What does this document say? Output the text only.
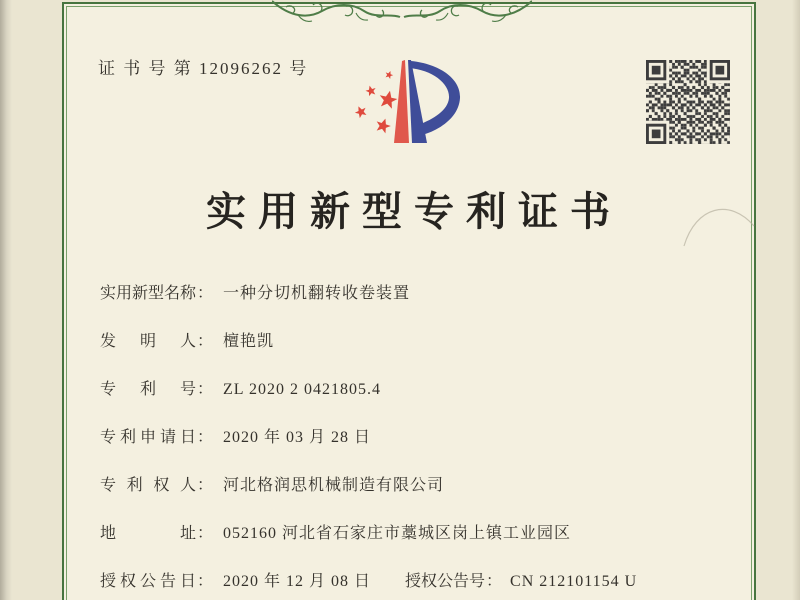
证 书 号 第 12096262 号
实用新型专利证书
实用新型名称： 一种分切机翻转收卷装置
发明人： 檀艳凯
专利号： ZL 2020 2 0421805.4
专利申请日： 2020 年 03 月 28 日
专利权人： 河北格润思机械制造有限公司
地址： 052160 河北省石家庄市藁城区岗上镇工业园区
授权公告日： 2020 年 12 月 08 日 授权公告号： CN 212101154 U
